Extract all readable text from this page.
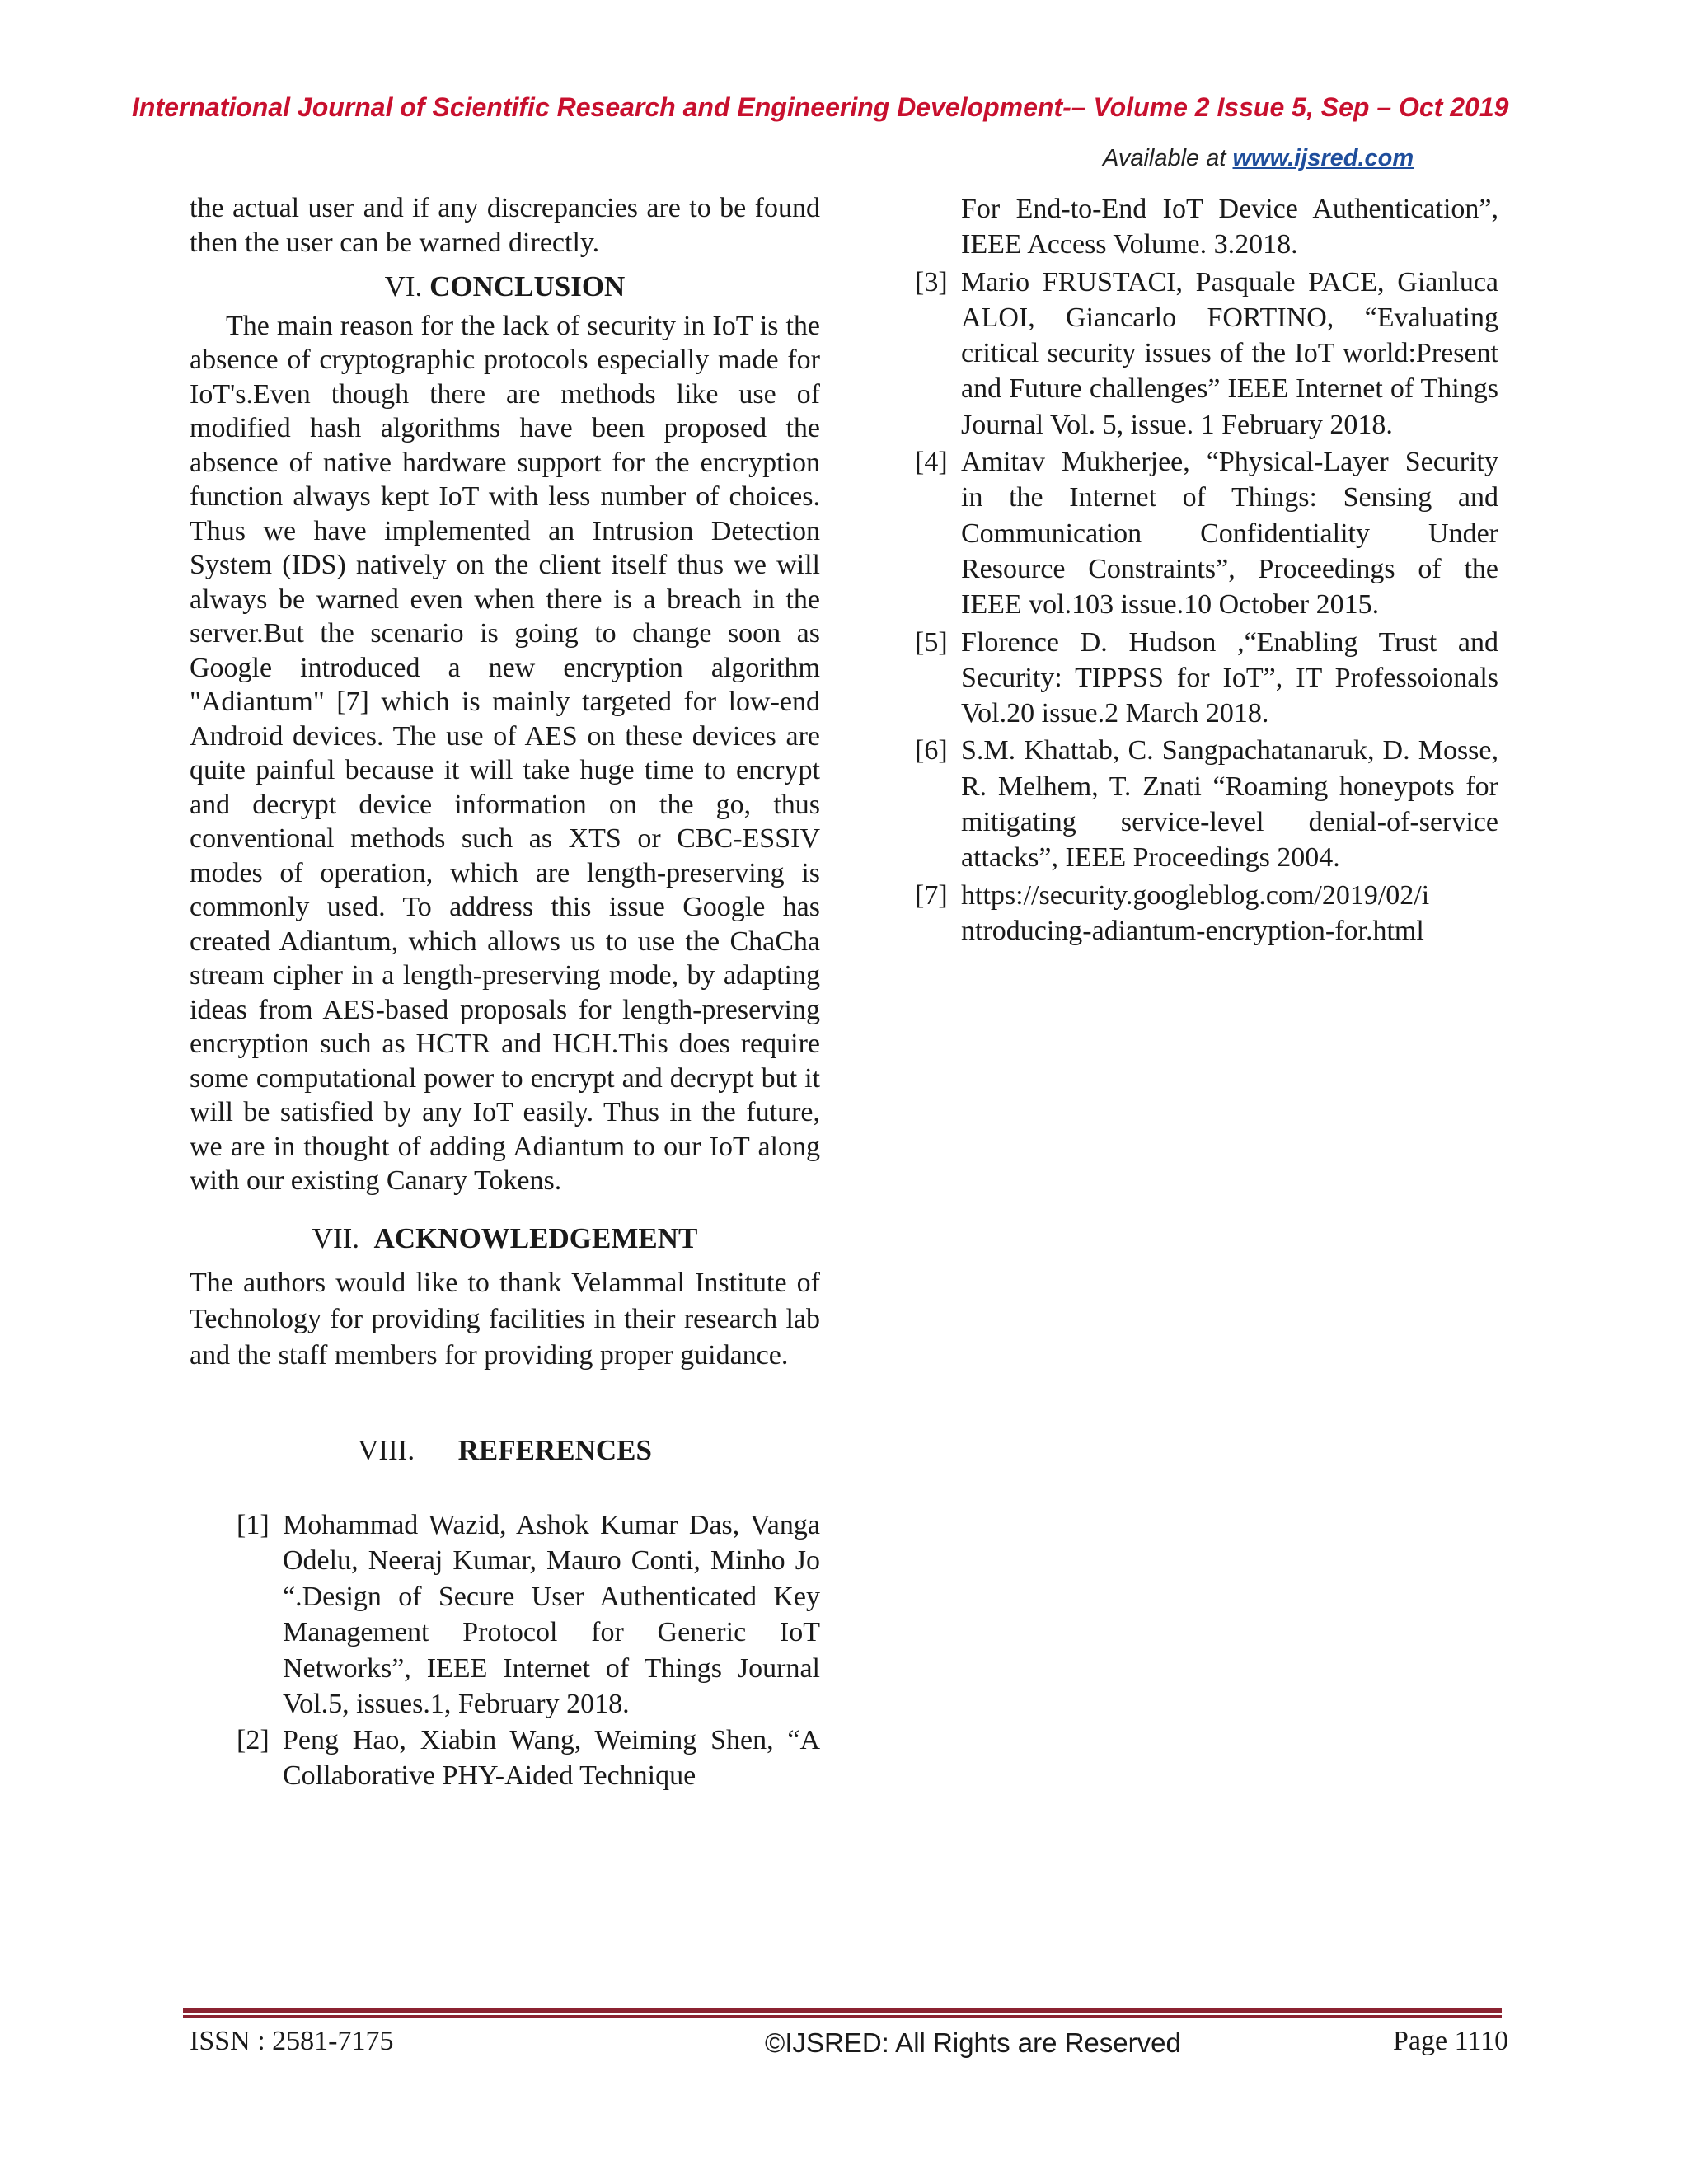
International Journal of Scientific Research and Engineering Development-– Volume 2 Issue 5, Sep – Oct 2019
Available at www.ijsred.com

the actual user and if any discrepancies are to be found then the user can be warned directly.

VI. CONCLUSION

The main reason for the lack of security in IoT is the absence of cryptographic protocols especially made for IoT's.Even though there are methods like use of modified hash algorithms have been proposed the absence of native hardware support for the encryption function always kept IoT with less number of choices. Thus we have implemented an Intrusion Detection System (IDS) natively on the client itself thus we will always be warned even when there is a breach in the server.But the scenario is going to change soon as Google introduced a new encryption algorithm "Adiantum" [7] which is mainly targeted for low-end Android devices. The use of AES on these devices are quite painful because it will take huge time to encrypt and decrypt device information on the go, thus conventional methods such as XTS or CBC-ESSIV modes of operation, which are length-preserving is commonly used. To address this issue Google has created Adiantum, which allows us to use the ChaCha stream cipher in a length-preserving mode, by adapting ideas from AES-based proposals for length-preserving encryption such as HCTR and HCH.This does require some computational power to encrypt and decrypt but it will be satisfied by any IoT easily. Thus in the future, we are in thought of adding Adiantum to our IoT along with our existing Canary Tokens.

VII. ACKNOWLEDGEMENT

The authors would like to thank Velammal Institute of Technology for providing facilities in their research lab and the staff members for providing proper guidance.

VIII. REFERENCES

[1] Mohammad Wazid, Ashok Kumar Das, Vanga Odelu, Neeraj Kumar, Mauro Conti, Minho Jo “.Design of Secure User Authenticated Key Management Protocol for Generic IoT Networks”, IEEE Internet of Things Journal Vol.5, issues.1, February 2018.

[2] Peng Hao, Xiabin Wang, Weiming Shen, “A Collaborative PHY-Aided Technique

For End-to-End IoT Device Authentication”, IEEE Access Volume. 3.2018.

[3] Mario FRUSTACI, Pasquale PACE, Gianluca ALOI, Giancarlo FORTINO, “Evaluating critical security issues of the IoT world:Present and Future challenges” IEEE Internet of Things Journal Vol. 5, issue. 1 February 2018.

[4] Amitav Mukherjee, “Physical-Layer Security in the Internet of Things: Sensing and Communication Confidentiality Under Resource Constraints”, Proceedings of the IEEE vol.103 issue.10 October 2015.

[5] Florence D. Hudson ,“Enabling Trust and Security: TIPPSS for IoT”, IT Professoionals Vol.20 issue.2 March 2018.

[6] S.M. Khattab, C. Sangpachatanaruk, D. Mosse, R. Melhem, T. Znati “Roaming honeypots for mitigating service-level denial-of-service attacks”, IEEE Proceedings 2004.

[7] https://security.googleblog.com/2019/02/i
ntroducing-adiantum-encryption-for.html

ISSN : 2581-7175	©IJSRED: All Rights are Reserved	Page 1110
